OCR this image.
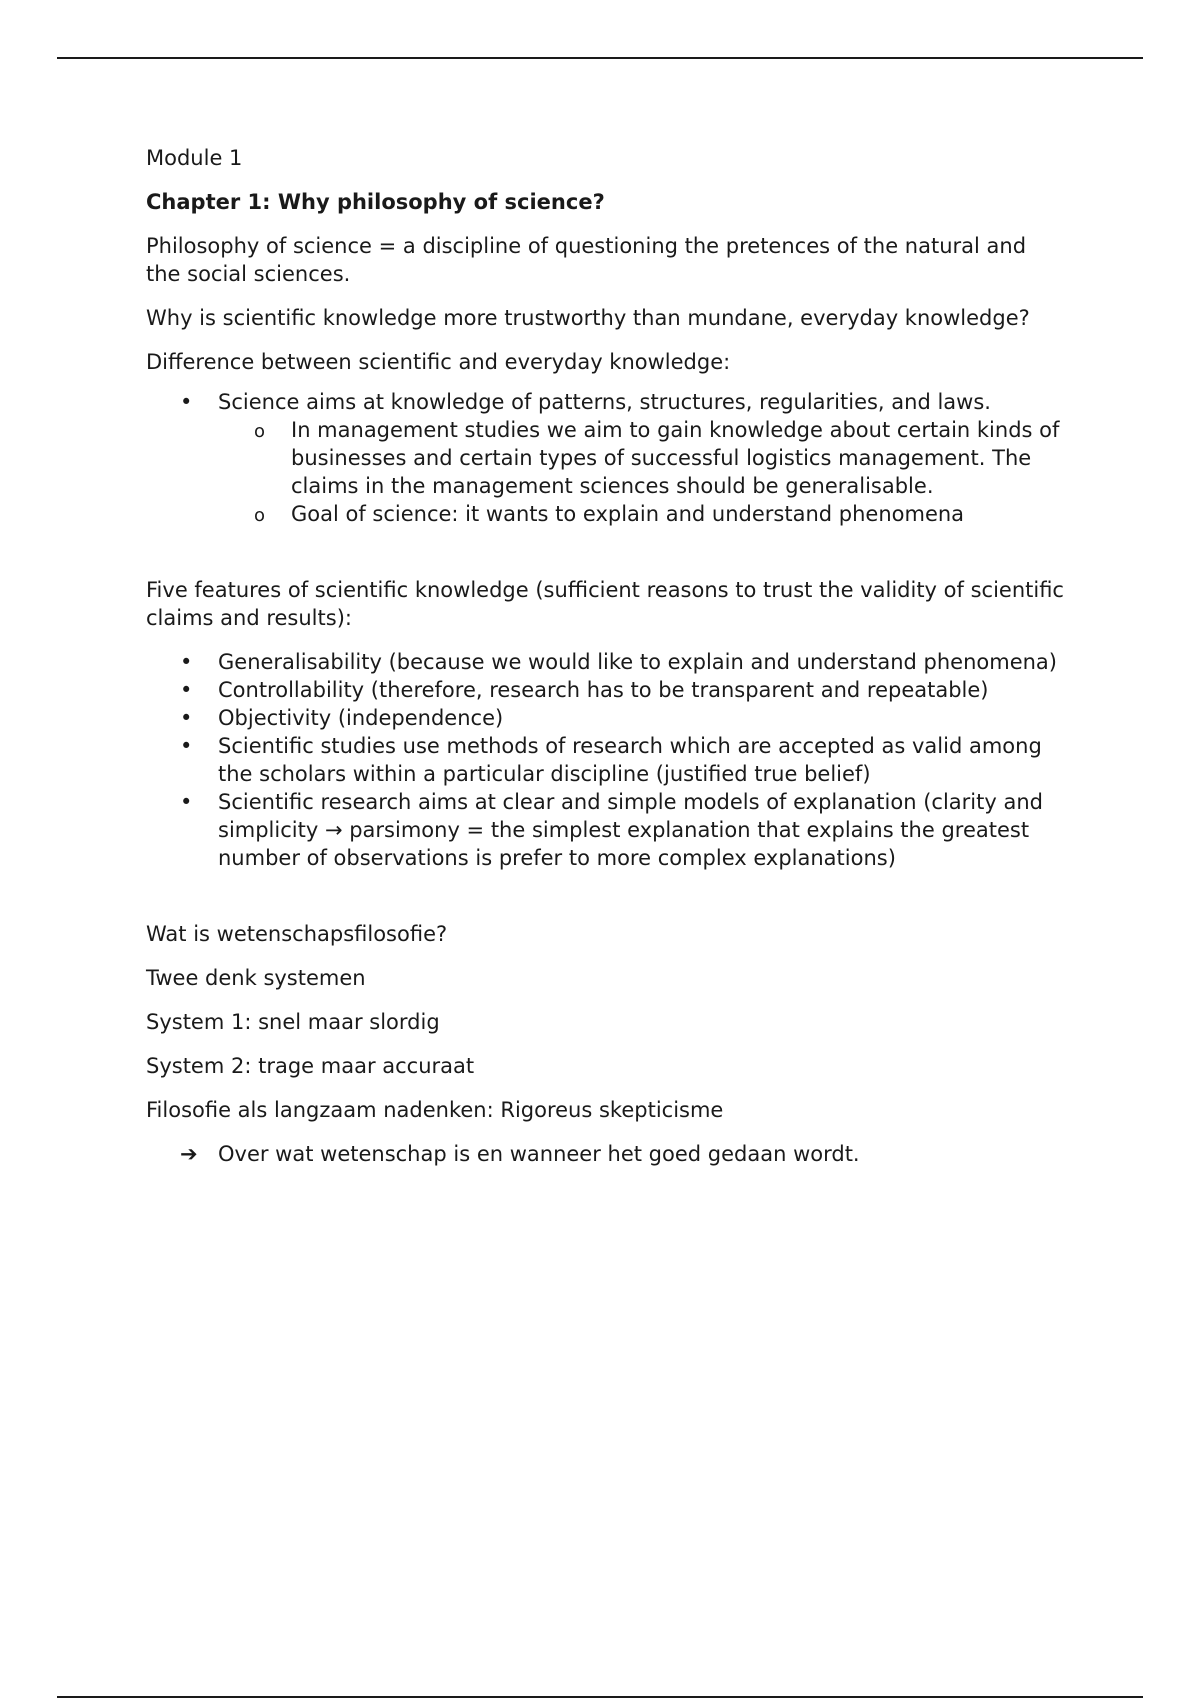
Module 1

Chapter 1: Why philosophy of science?

Philosophy of science = a discipline of questioning the pretences of the natural and the social sciences.

Why is scientific knowledge more trustworthy than mundane, everyday knowledge?

Difference between scientific and everyday knowledge:

• Science aims at knowledge of patterns, structures, regularities, and laws.
o In management studies we aim to gain knowledge about certain kinds of businesses and certain types of successful logistics management. The claims in the management sciences should be generalisable.
o Goal of science: it wants to explain and understand phenomena

Five features of scientific knowledge (sufficient reasons to trust the validity of scientific claims and results):

• Generalisability (because we would like to explain and understand phenomena)
• Controllability (therefore, research has to be transparent and repeatable)
• Objectivity (independence)
• Scientific studies use methods of research which are accepted as valid among the scholars within a particular discipline (justified true belief)
• Scientific research aims at clear and simple models of explanation (clarity and simplicity → parsimony = the simplest explanation that explains the greatest number of observations is prefer to more complex explanations)

Wat is wetenschapsfilosofie?

Twee denk systemen

System 1: snel maar slordig

System 2: trage maar accuraat

Filosofie als langzaam nadenken: Rigoreus skepticisme

➔ Over wat wetenschap is en wanneer het goed gedaan wordt.
